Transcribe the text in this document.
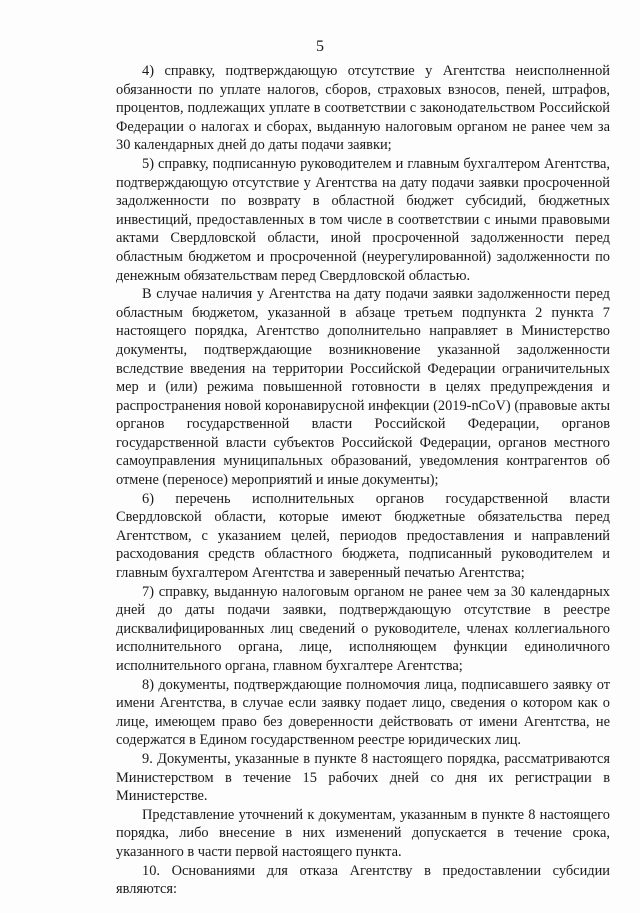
5

4) справку, подтверждающую отсутствие у Агентства неисполненной обязанности по уплате налогов, сборов, страховых взносов, пеней, штрафов, процентов, подлежащих уплате в соответствии с законодательством Российской Федерации о налогах и сборах, выданную налоговым органом не ранее чем за 30 календарных дней до даты подачи заявки;

5) справку, подписанную руководителем и главным бухгалтером Агентства, подтверждающую отсутствие у Агентства на дату подачи заявки просроченной задолженности по возврату в областной бюджет субсидий, бюджетных инвестиций, предоставленных в том числе в соответствии с иными правовыми актами Свердловской области, иной просроченной задолженности перед областным бюджетом и просроченной (неурегулированной) задолженности по денежным обязательствам перед Свердловской областью.

В случае наличия у Агентства на дату подачи заявки задолженности перед областным бюджетом, указанной в абзаце третьем подпункта 2 пункта 7 настоящего порядка, Агентство дополнительно направляет в Министерство документы, подтверждающие возникновение указанной задолженности вследствие введения на территории Российской Федерации ограничительных мер и (или) режима повышенной готовности в целях предупреждения и распространения новой коронавирусной инфекции (2019-nCoV) (правовые акты органов государственной власти Российской Федерации, органов государственной власти субъектов Российской Федерации, органов местного самоуправления муниципальных образований, уведомления контрагентов об отмене (переносе) мероприятий и иные документы);

6) перечень исполнительных органов государственной власти Свердловской области, которые имеют бюджетные обязательства перед Агентством, с указанием целей, периодов предоставления и направлений расходования средств областного бюджета, подписанный руководителем и главным бухгалтером Агентства и заверенный печатью Агентства;

7) справку, выданную налоговым органом не ранее чем за 30 календарных дней до даты подачи заявки, подтверждающую отсутствие в реестре дисквалифицированных лиц сведений о руководителе, членах коллегиального исполнительного органа, лице, исполняющем функции единоличного исполнительного органа, главном бухгалтере Агентства;

8) документы, подтверждающие полномочия лица, подписавшего заявку от имени Агентства, в случае если заявку подает лицо, сведения о котором как о лице, имеющем право без доверенности действовать от имени Агентства, не содержатся в Едином государственном реестре юридических лиц.

9. Документы, указанные в пункте 8 настоящего порядка, рассматриваются Министерством в течение 15 рабочих дней со дня их регистрации в Министерстве.

Представление уточнений к документам, указанным в пункте 8 настоящего порядка, либо внесение в них изменений допускается в течение срока, указанного в части первой настоящего пункта.

10. Основаниями для отказа Агентству в предоставлении субсидии являются:
